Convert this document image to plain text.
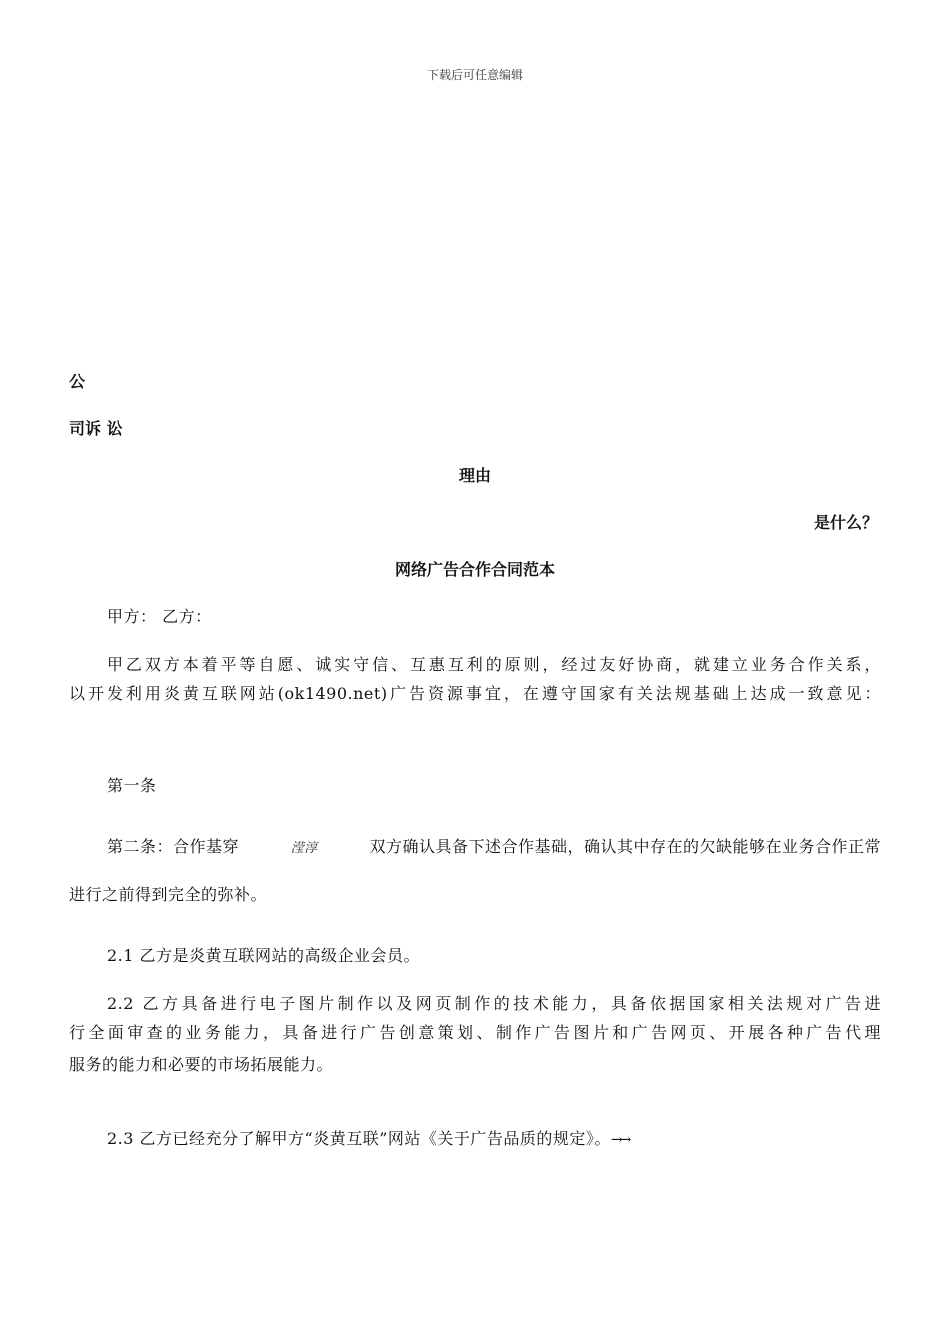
下载后可任意编辑
公
司诉 讼
理由
是什么？
网络广告合作合同范本
甲方： 乙方：
甲乙双方本着平等自愿、诚实守信、互惠互利的原则，经过友好协商，就建立业务合作关系，
以开发利用炎黄互联网站(ok1490.net)广告资源事宜，在遵守国家有关法规基础上达成一致意见：
第一条
第二条：合作基穿	滢淳	双方确认具备下述合作基础，确认其中存在的欠缺能够在业务合作正常
进行之前得到完全的弥补。
2.1 乙方是炎黄互联网站的高级企业会员。
2.2 乙方具备进行电子图片制作以及网页制作的技术能力，具备依据国家相关法规对广告进
行全面审查的业务能力，具备进行广告创意策划、制作广告图片和广告网页、开展各种广告代理
服务的能力和必要的市场拓展能力。
2.3 乙方已经充分了解甲方“炎黄互联”网站《关于广告品质的规定》。→→
